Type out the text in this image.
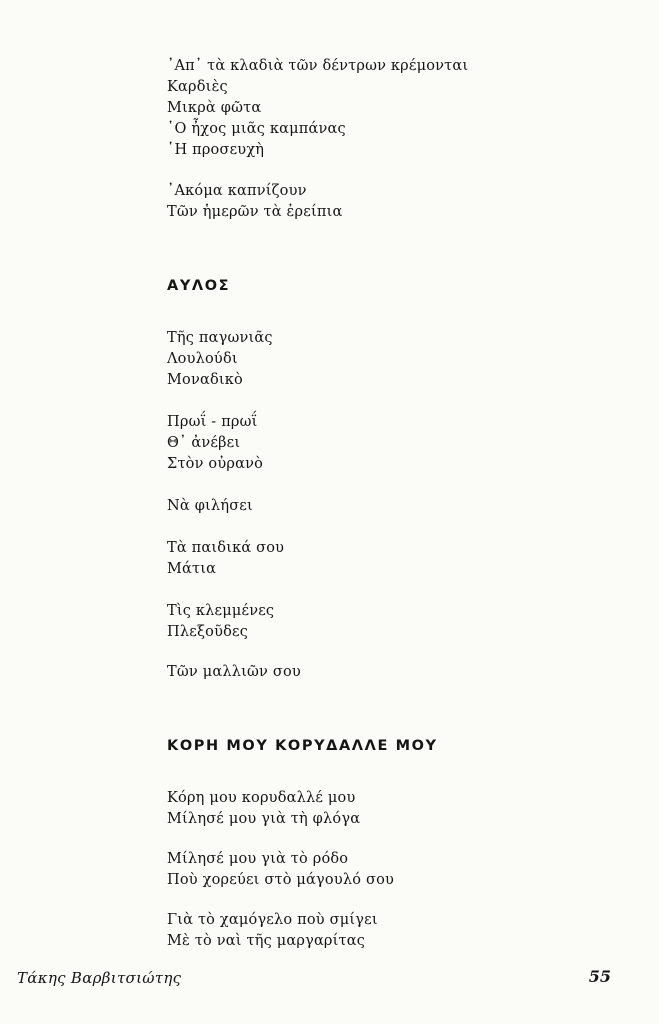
᾽Απ᾽ τὰ κλαδιὰ τῶν δέντρων κρέμονται
Καρδιὲς
Μικρὰ φῶτα
῾Ο ἦχος μιᾶς καμπάνας
῾Η προσευχὴ
᾽Ακόμα καπνίζουν
Τῶν ἡμερῶν τὰ ἐρείπια
ΑΥΛΟΣ
Τῆς παγωνιᾶς
Λουλούδι
Μοναδικὸ
Πρωΐ - πρωΐ
Θ᾽ ἀνέβει
Στὸν οὐρανὸ
Νὰ φιλήσει
Τὰ παιδικά σου
Μάτια
Τὶς κλεμμένες
Πλεξοῦδες
Τῶν μαλλιῶν σου
ΚΟΡΗ ΜΟΥ ΚΟΡΥΔΑΛΛΕ ΜΟΥ
Κόρη μου κορυδαλλέ μου
Μίλησέ μου γιὰ τὴ φλόγα
Μίλησέ μου γιὰ τὸ ρόδο
Ποὺ χορεύει στὸ μάγουλό σου
Γιὰ τὸ χαμόγελο ποὺ σμίγει
Μὲ τὸ ναὶ τῆς μαργαρίτας
Τάκης Βαρβιτσιώτης	55
